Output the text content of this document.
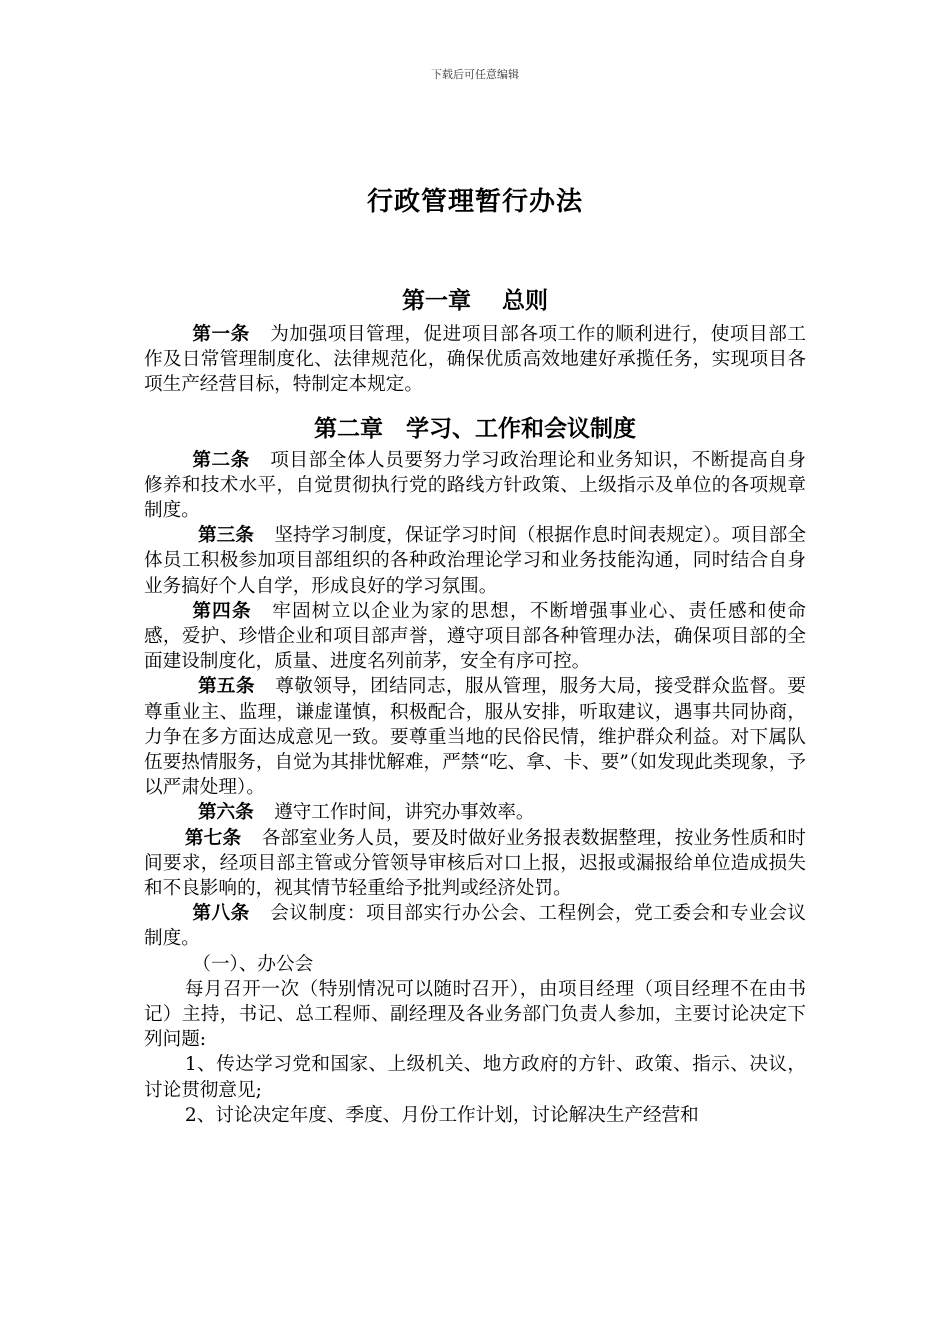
下载后可任意编辑
行政管理暂行办法
第一章　 总则

第一条 为加强项目管理，促进项目部各项工作的顺利进行，使项目部工作及日常管理制度化、法律规范化，确保优质高效地建好承揽任务，实现项目各项生产经营目标，特制定本规定。

第二章　学习、工作和会议制度

第二条 项目部全体人员要努力学习政治理论和业务知识，不断提高自身修养和技术水平，自觉贯彻执行党的路线方针政策、上级指示及单位的各项规章制度。

第三条 坚持学习制度，保证学习时间（根据作息时间表规定）。项目部全体员工积极参加项目部组织的各种政治理论学习和业务技能沟通，同时结合自身业务搞好个人自学，形成良好的学习氛围。

第四条 牢固树立以企业为家的思想，不断增强事业心、责任感和使命感，爱护、珍惜企业和项目部声誉，遵守项目部各种管理办法，确保项目部的全面建设制度化，质量、进度名列前茅，安全有序可控。

第五条 尊敬领导，团结同志，服从管理，服务大局，接受群众监督。要尊重业主、监理，谦虚谨慎，积极配合，服从安排，听取建议，遇事共同协商，力争在多方面达成意见一致。要尊重当地的民俗民情，维护群众利益。对下属队伍要热情服务，自觉为其排忧解难，严禁“吃、拿、卡、要”（如发现此类现象，予以严肃处理）。

第六条 遵守工作时间，讲究办事效率。

第七条 各部室业务人员，要及时做好业务报表数据整理，按业务性质和时间要求，经项目部主管或分管领导审核后对口上报，迟报或漏报给单位造成损失和不良影响的，视其情节轻重给予批判或经济处罚。

第八条 会议制度：项目部实行办公会、工程例会，党工委会和专业会议制度。

（一）、办公会

每月召开一次（特别情况可以随时召开），由项目经理（项目经理不在由书记）主持，书记、总工程师、副经理及各业务部门负责人参加，主要讨论决定下列问题:

1、传达学习党和国家、上级机关、地方政府的方针、政策、指示、决议，讨论贯彻意见;

2、讨论决定年度、季度、月份工作计划，讨论解决生产经营和
